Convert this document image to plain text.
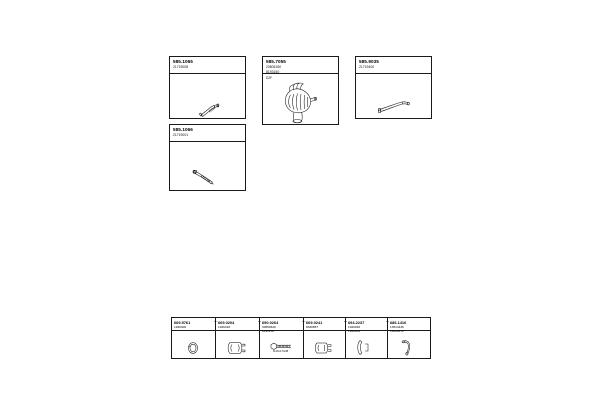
585.1065
21719008
585.7055
20805180
8193150
D2F
585.9035
21719400
585.1066
21719001
669.5761
1926300
669.0204
1926418
690.0264
30650629
8193150
M10x1.5x38
669.0241
8330857
694.2237
1920046
1920049
686.1416
13514436
19466472
+	+	+	+	+
